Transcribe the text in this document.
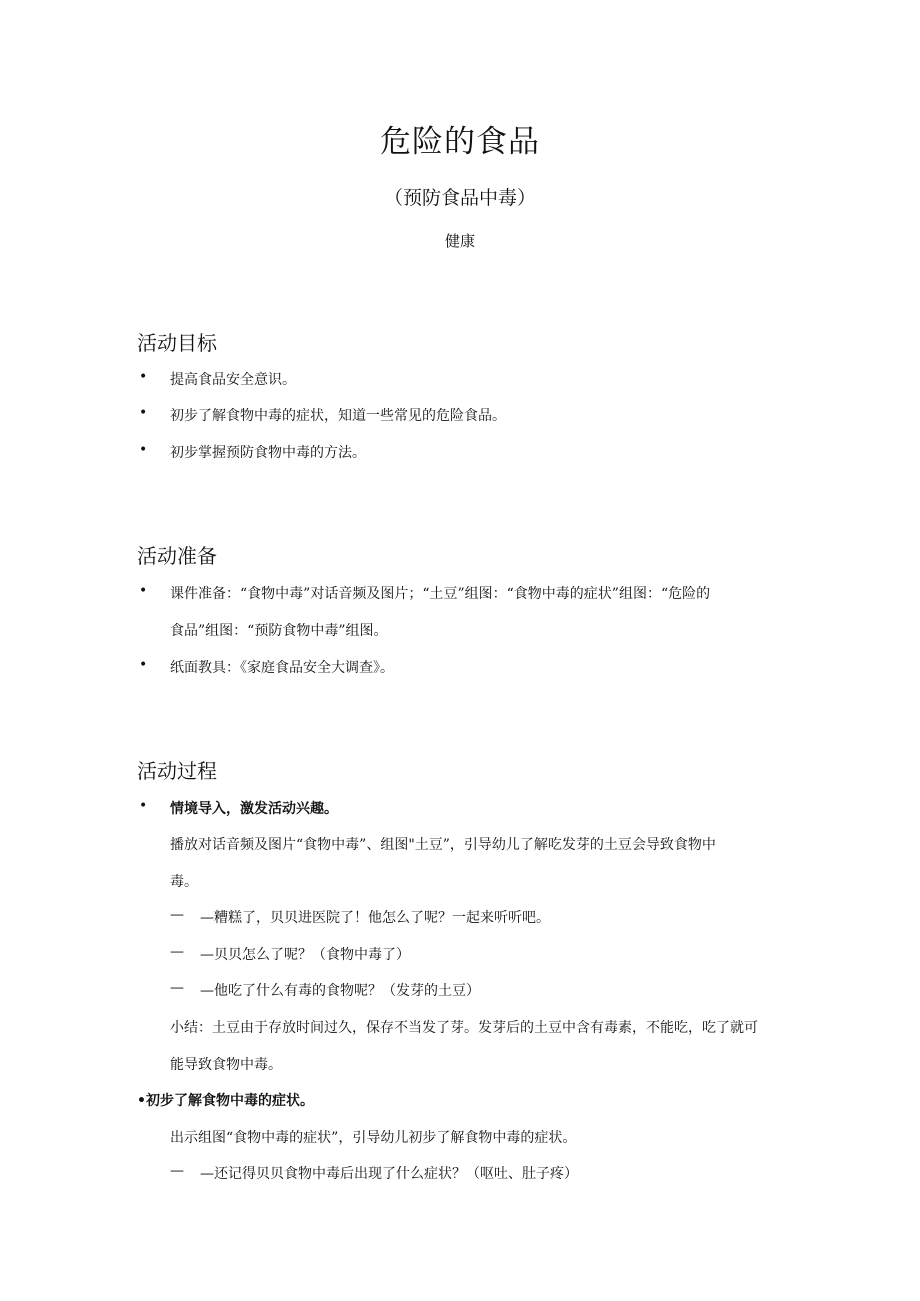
危险的食品
（预防食品中毒）
健康
活动目标
• 提高食品安全意识。
• 初步了解食物中毒的症状，知道一些常见的危险食品。
• 初步掌握预防食物中毒的方法。
活动准备
• 课件准备：“食物中毒”对话音频及图片；“土豆”组图：“食物中毒的症状”组图：“危险的
食品”组图：“预防食物中毒”组图。
• 纸面教具：《家庭食品安全大调查》。
活动过程
• 情境导入，激发活动兴趣。
播放对话音频及图片“食物中毒”、组图"土豆”，引导幼儿了解吃发芽的土豆会导致食物中
毒。
— —糟糕了，贝贝进医院了！他怎么了呢？一起来听听吧。
— —贝贝怎么了呢？（食物中毒了）
— —他吃了什么有毒的食物呢？（发芽的土豆）
小结：土豆由于存放时间过久，保存不当发了芽。发芽后的土豆中含有毒素，不能吃，吃了就可
能导致食物中毒。
•初步了解食物中毒的症状。
出示组图“食物中毒的症状”，引导幼儿初步了解食物中毒的症状。
— —还记得贝贝食物中毒后出现了什么症状？（呕吐、肚子疼）
